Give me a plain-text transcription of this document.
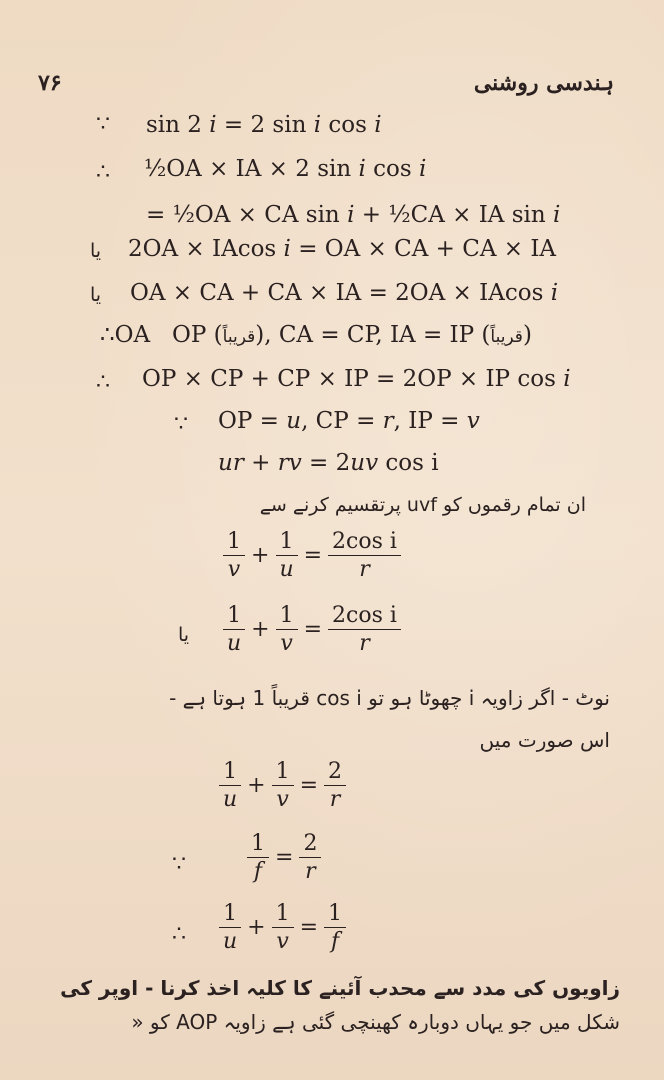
۷۶	ہندسی روشنی
∵ sin 2 i = 2 sin i cos i
∴ ½OA × IA × 2 sin i cos i
= ½OA × CA sin i + ½CA × IA sin i
یا 2OA × IAcos i = OA × CA + CA × IA
یا OA × CA + CA × IA = 2OA × IAcos i
∴OA   OP (قریباً), CA = CP, IA = IP (قریباً)
∴ OP × CP + CP × IP = 2OP × IP cos i
∵ OP = u, CP = r, IP = v
ur + rv = 2uv cos i
ان تمام رقموں کو uvf پرتقسیم کرنے سے
$\frac{1}{v} + \frac{1}{u} = \frac{\text{2cos i}}{r}$
یا $\frac{1}{u} + \frac{1}{v} = \frac{\text{2cos i}}{r}$
نوٹ - اگر زاویہ i چھوٹا ہو تو cos i قریباً 1 ہوتا ہے -
اس صورت میں
$\frac{1}{u} + \frac{1}{v} = \frac{2}{r}$
∵	$\frac{1}{f} = \frac{2}{r}$
∴ $\frac{1}{u} + \frac{1}{v} = \frac{1}{f}$
زاویوں کی مدد سے محدب آئینے کا کلیہ اخذ کرنا - اوپر کی
شکل میں جو یہاں دوبارہ کھینچی گئی ہے زاویہ AOP کو «
